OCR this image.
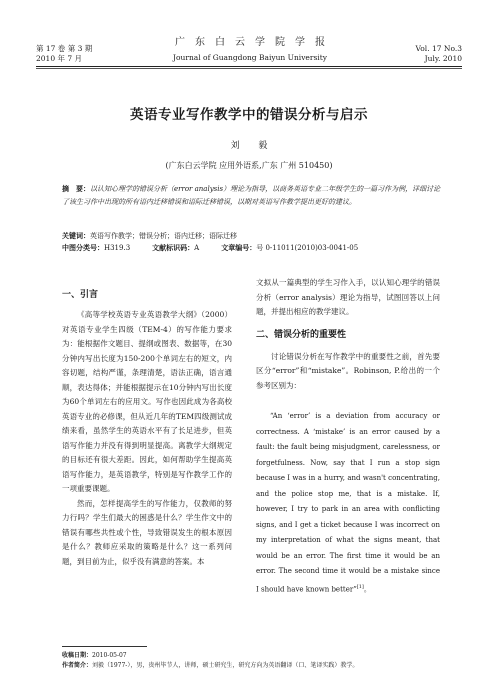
第 17 卷 第 3 期
2010 年 7 月
广东白云学院学报
Journal of Guangdong Baiyun University
Vol. 17 No.3
July. 2010
英语专业写作教学中的错误分析与启示
刘 毅
(广东白云学院 应用外语系,广东 广州 510450)
摘　要：以认知心理学的错误分析（error analysis）理论为指导，以商务英语专业二年级学生的一篇习作为例，详细讨论了该生习作中出现的所有语内迁移错误和语际迁移错误，以期对英语写作教学提出更好的建议。
关键词：英语写作教学；错误分析；语内迁移；语际迁移
中图分类号：H319.3	文献标识码：A	文章编号：号 0-11011(2010)03-0041-05
一、引言

《高等学校英语专业英语教学大纲》（2000）对英语专业学生四级（TEM-4）的写作能力要求为：能根据作文题目、提纲或图表、数据等，在30分钟内写出长度为150-200个单词左右的短文，内容切题，结构严谨，条理清楚，语法正确，语言通顺，表达得体；并能根据提示在10分钟内写出长度为60个单词左右的应用文。写作也因此成为各高校英语专业的必修课，但从近几年的TEM四级测试成绩来看，虽然学生的英语水平有了长足进步，但英语写作能力并没有得到明显提高。离教学大纲规定的目标还有很大差距。因此，如何帮助学生提高英语写作能力，是英语教学，特别是写作教学工作的一项重要课题。

然而，怎样提高学生的写作能力，仅教师的努力行吗？学生们最大的困惑是什么？学生作文中的错误有哪些共性或个性，导致错误发生的根本原因是什么？教师应采取的策略是什么？这一系列问题，到目前为止，似乎没有满意的答案。本

文拟从一篇典型的学生习作入手，以认知心理学的错误分析（error analysis）理论为指导，试图回答以上问题，并提出相应的教学建议。

二、错误分析的重要性

讨论错误分析在写作教学中的重要性之前，首先要区分“error”和“mistake”。Robinson, P.给出的一个参考区别为：

“An ‘error’ is a deviation from accuracy or correctness. A ‘mistake’ is an error caused by a fault: the fault being misjudgment, carelessness, or forgetfulness. Now, say that I run a stop sign because I was in a hurry, and wasn't concentrating, and the police stop me, that is a mistake. If, however, I try to park in an area with conflicting signs, and I get a ticket because I was incorrect on my interpretation of what the signs meant, that would be an error. The first time it would be an error. The second time it would be a mistake since I should have known better”[1]。

收稿日期：2010-05-07
作者简介：刘毅（1977-），男，贵州毕节人，讲师，硕士研究生，研究方向为英语翻译（口、笔译实践）教学。
